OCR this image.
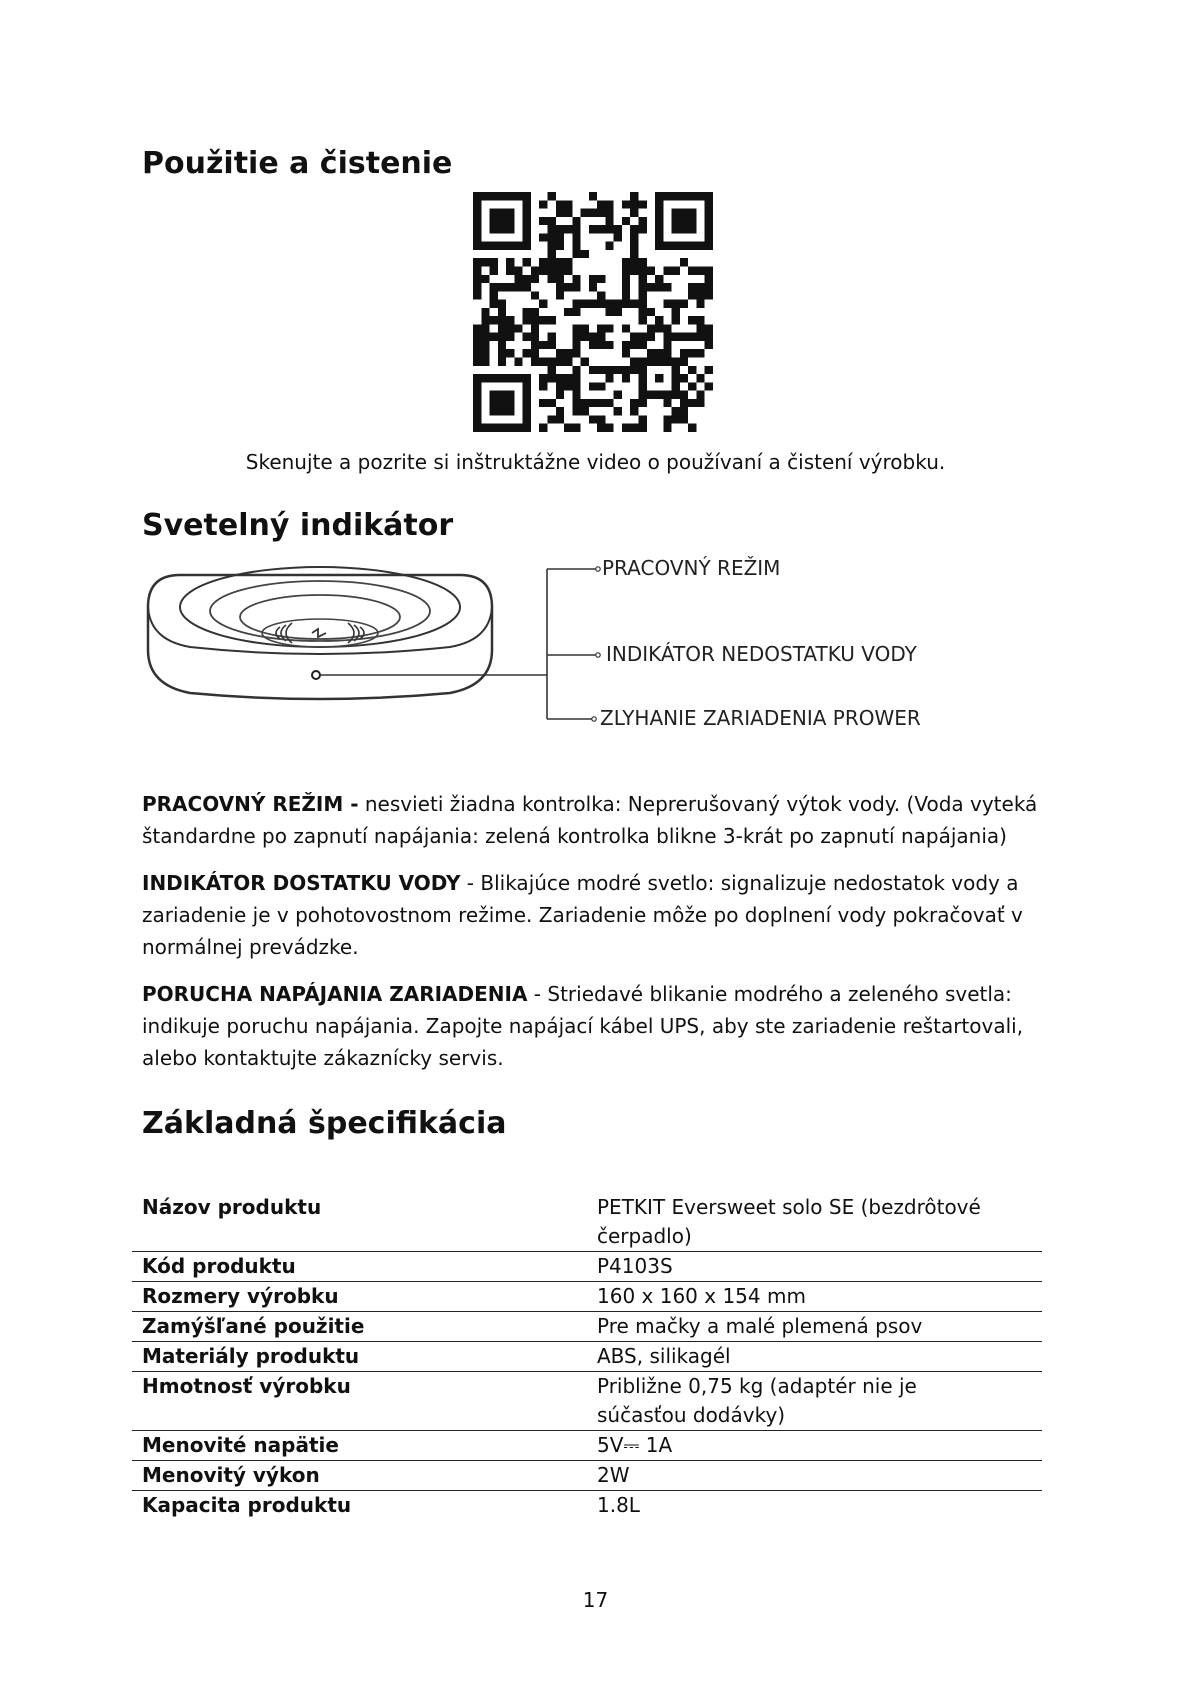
Použitie a čistenie
Skenujte a pozrite si inštruktážne video o používaní a čistení výrobku.
Svetelný indikátor
PRACOVNÝ REŽIM
INDIKÁTOR NEDOSTATKU VODY
ZLYHANIE ZARIADENIA PROWER

PRACOVNÝ REŽIM - nesvieti žiadna kontrolka: Neprerušovaný výtok vody. (Voda vyteká štandardne po zapnutí napájania: zelená kontrolka blikne 3-krát po zapnutí napájania)

INDIKÁTOR DOSTATKU VODY - Blikajúce modré svetlo: signalizuje nedostatok vody a zariadenie je v pohotovostnom režime. Zariadenie môže po doplnení vody pokračovať v normálnej prevádzke.

PORUCHA NAPÁJANIA ZARIADENIA - Striedavé blikanie modrého a zeleného svetla: indikuje poruchu napájania. Zapojte napájací kábel UPS, aby ste zariadenie reštartovali, alebo kontaktujte zákaznícky servis.

Základná špecifikácia
Názov produktu	PETKIT Eversweet solo SE (bezdrôtové čerpadlo)
Kód produktu	P4103S
Rozmery výrobku	160 x 160 x 154 mm
Zamýšľané použitie	Pre mačky a malé plemená psov
Materiály produktu	ABS, silikagél
Hmotnosť výrobku	Približne 0,75 kg (adaptér nie je súčasťou dodávky)
Menovité napätie	5V⎓ 1A
Menovitý výkon	2W
Kapacita produktu	1.8L
17
